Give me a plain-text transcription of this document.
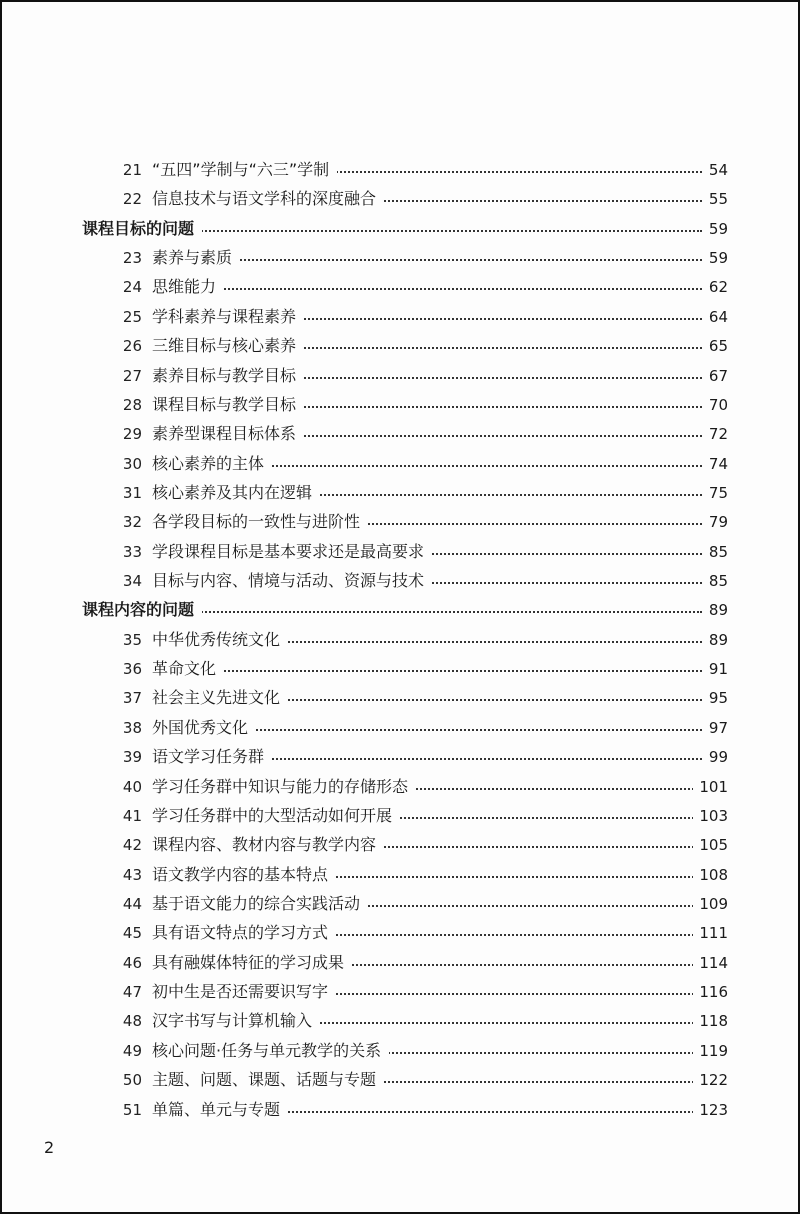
21 “五四”学制与“六三”学制	54
22 信息技术与语文学科的深度融合	55
课程目标的问题	59
23 素养与素质	59
24 思维能力	62
25 学科素养与课程素养	64
26 三维目标与核心素养	65
27 素养目标与教学目标	67
28 课程目标与教学目标	70
29 素养型课程目标体系	72
30 核心素养的主体	74
31 核心素养及其内在逻辑	75
32 各学段目标的一致性与进阶性	79
33 学段课程目标是基本要求还是最高要求	85
34 目标与内容、情境与活动、资源与技术	85
课程内容的问题	89
35 中华优秀传统文化	89
36 革命文化	91
37 社会主义先进文化	95
38 外国优秀文化	97
39 语文学习任务群	99
40 学习任务群中知识与能力的存储形态	101
41 学习任务群中的大型活动如何开展	103
42 课程内容、教材内容与教学内容	105
43 语文教学内容的基本特点	108
44 基于语文能力的综合实践活动	109
45 具有语文特点的学习方式	111
46 具有融媒体特征的学习成果	114
47 初中生是否还需要识写字	116
48 汉字书写与计算机输入	118
49 核心问题·任务与单元教学的关系	119
50 主题、问题、课题、话题与专题	122
51 单篇、单元与专题	123
2
